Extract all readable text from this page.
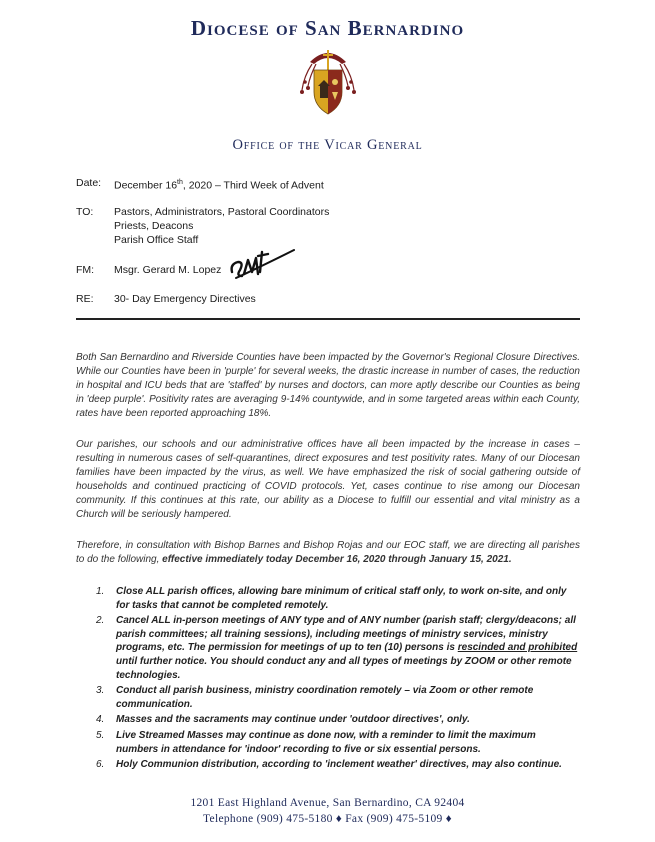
Diocese of San Bernardino
Office of the Vicar General
Date:	December 16th, 2020 – Third Week of Advent
TO:	Pastors, Administrators, Pastoral Coordinators
Priests, Deacons
Parish Office Staff
FM:	Msgr. Gerard M. Lopez
RE:	30- Day Emergency Directives

Both San Bernardino and Riverside Counties have been impacted by the Governor's Regional Closure Directives. While our Counties have been in 'purple' for several weeks, the drastic increase in number of cases, the reduction in hospital and ICU beds that are 'staffed' by nurses and doctors, can more aptly describe our Counties as being in 'deep purple'. Positivity rates are averaging 9-14% countywide, and in some targeted areas within each County, rates have been reported approaching 18%.

Our parishes, our schools and our administrative offices have all been impacted by the increase in cases – resulting in numerous cases of self-quarantines, direct exposures and test positivity rates. Many of our Diocesan families have been impacted by the virus, as well. We have emphasized the risk of social gathering outside of households and continued practicing of COVID protocols. Yet, cases continue to rise among our Diocesan community. If this continues at this rate, our ability as a Diocese to fulfill our essential and vital ministry as a Church will be seriously hampered.

Therefore, in consultation with Bishop Barnes and Bishop Rojas and our EOC staff, we are directing all parishes to do the following, effective immediately today December 16, 2020 through January 15, 2021.

1. Close ALL parish offices, allowing bare minimum of critical staff only, to work on-site, and only for tasks that cannot be completed remotely.
2. Cancel ALL in-person meetings of ANY type and of ANY number (parish staff; clergy/deacons; all parish committees; all training sessions), including meetings of ministry services, ministry programs, etc. The permission for meetings of up to ten (10) persons is rescinded and prohibited until further notice. You should conduct any and all types of meetings by ZOOM or other remote technologies.
3. Conduct all parish business, ministry coordination remotely – via Zoom or other remote communication.
4. Masses and the sacraments may continue under 'outdoor directives', only.
5. Live Streamed Masses may continue as done now, with a reminder to limit the maximum numbers in attendance for 'indoor' recording to five or six essential persons.
6. Holy Communion distribution, according to 'inclement weather' directives, may also continue.
1201 East Highland Avenue, San Bernardino, CA 92404
Telephone (909) 475-5180 ♦ Fax (909) 475-5109 ♦
